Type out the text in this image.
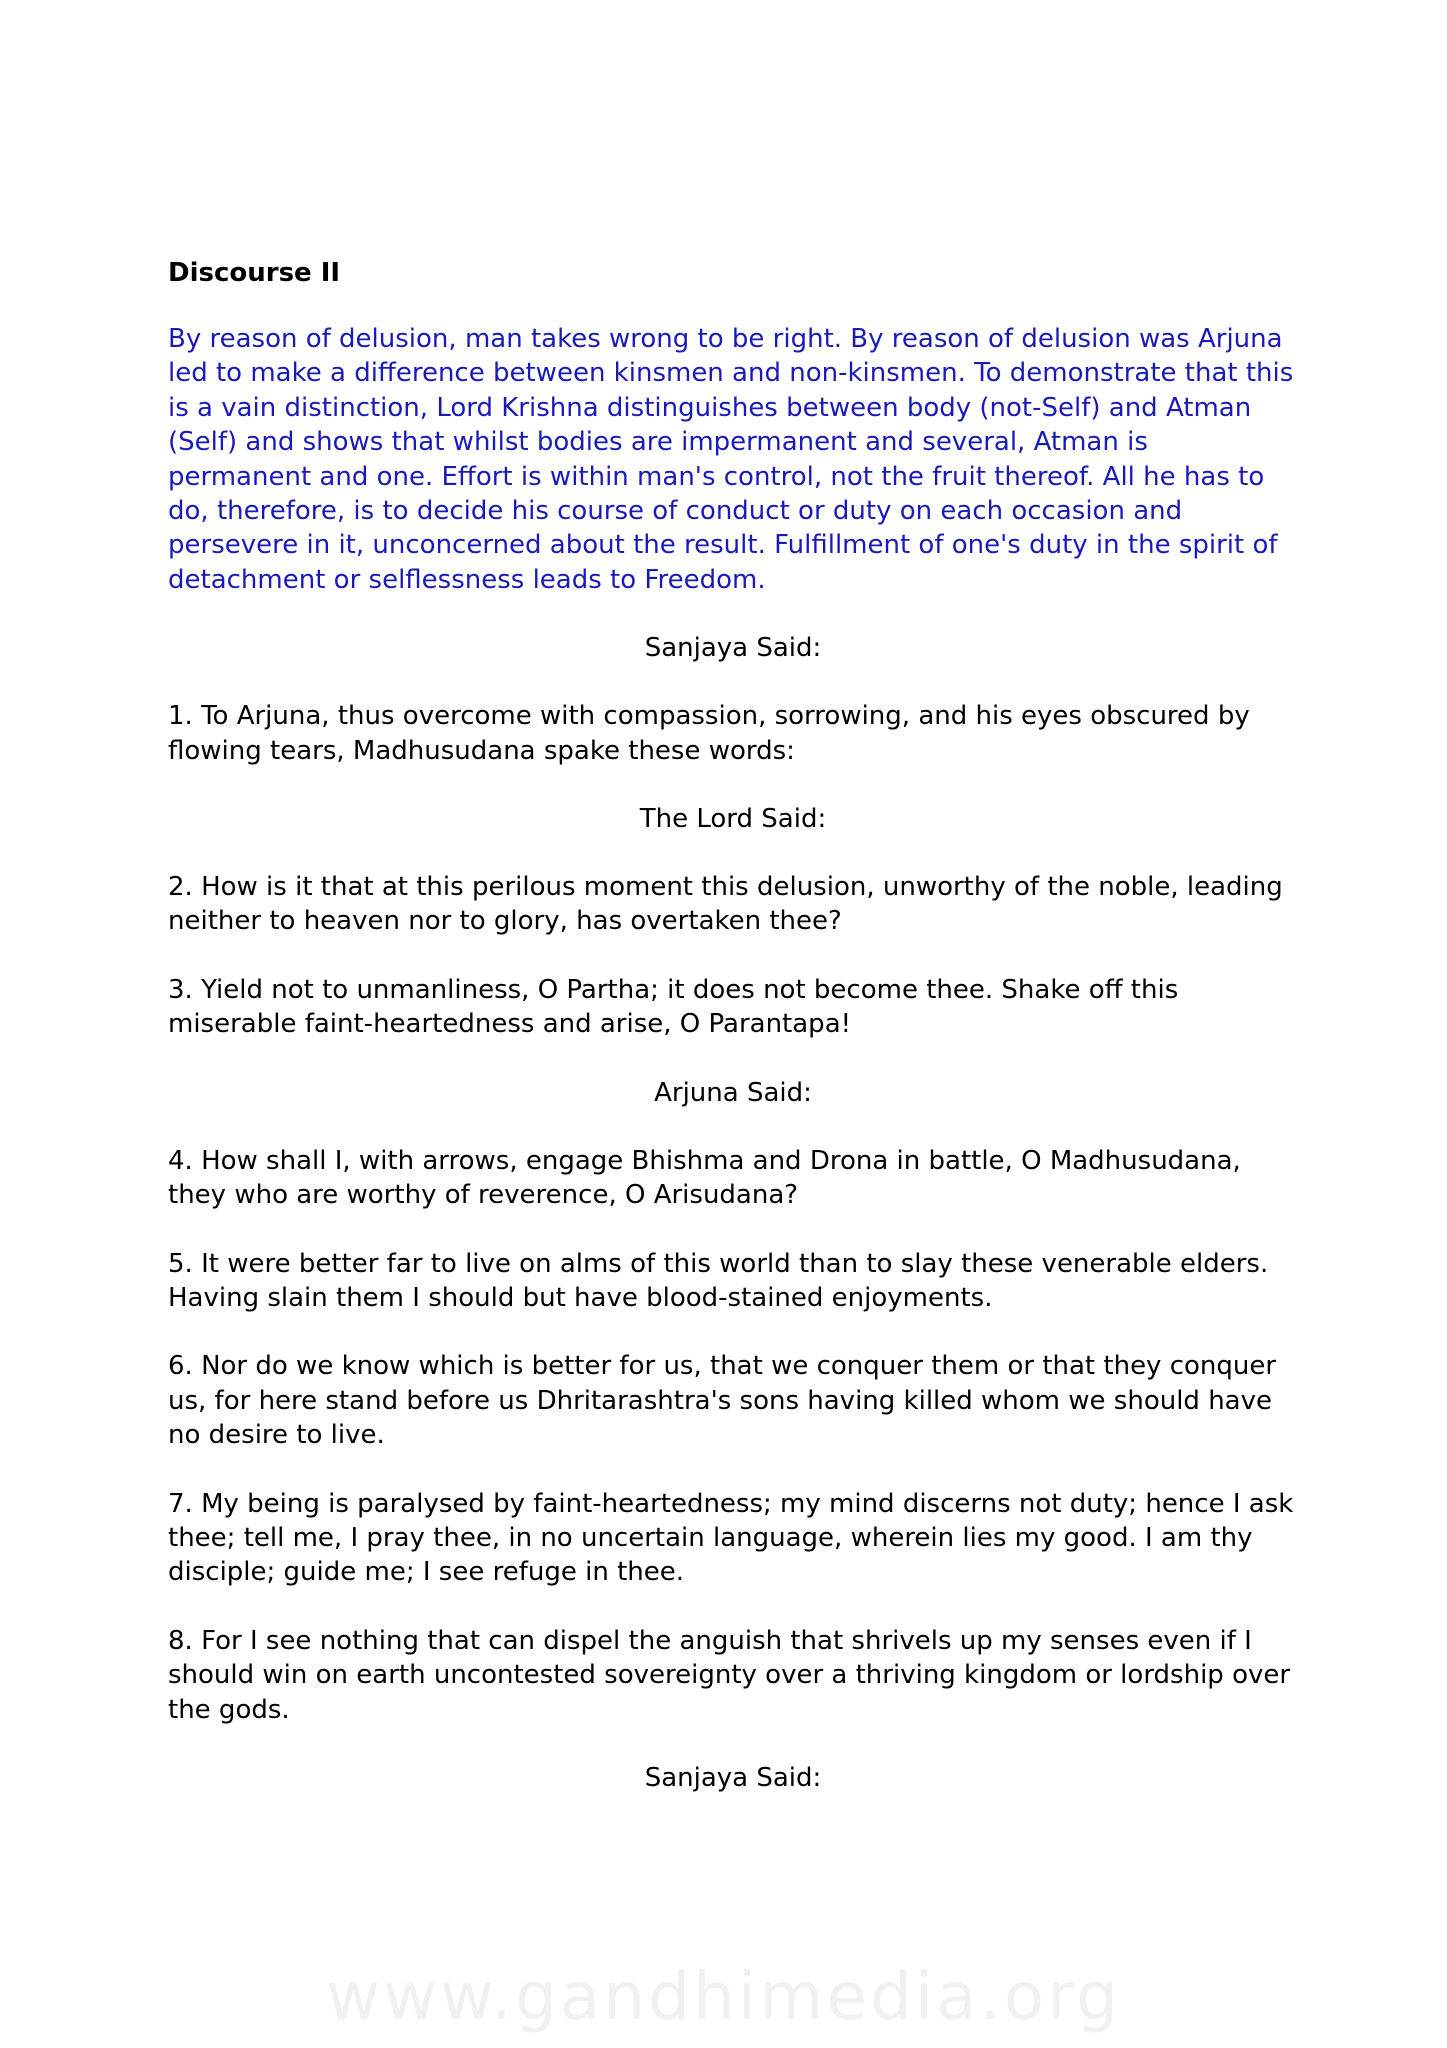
Discourse II
By reason of delusion, man takes wrong to be right. By reason of delusion was Arjuna led to make a difference between kinsmen and non-kinsmen. To demonstrate that this is a vain distinction, Lord Krishna distinguishes between body (not-Self) and Atman (Self) and shows that whilst bodies are impermanent and several, Atman is permanent and one. Effort is within man's control, not the fruit thereof. All he has to do, therefore, is to decide his course of conduct or duty on each occasion and persevere in it, unconcerned about the result. Fulfillment of one's duty in the spirit of detachment or selflessness leads to Freedom.
Sanjaya Said:
1. To Arjuna, thus overcome with compassion, sorrowing, and his eyes obscured by flowing tears, Madhusudana spake these words:
The Lord Said:
2. How is it that at this perilous moment this delusion, unworthy of the noble, leading neither to heaven nor to glory, has overtaken thee?
3. Yield not to unmanliness, O Partha; it does not become thee. Shake off this miserable faint-heartedness and arise, O Parantapa!
Arjuna Said:
4. How shall I, with arrows, engage Bhishma and Drona in battle, O Madhusudana, they who are worthy of reverence, O Arisudana?
5. It were better far to live on alms of this world than to slay these venerable elders. Having slain them I should but have blood-stained enjoyments.
6. Nor do we know which is better for us, that we conquer them or that they conquer us, for here stand before us Dhritarashtra's sons having killed whom we should have no desire to live.
7. My being is paralysed by faint-heartedness; my mind discerns not duty; hence I ask thee; tell me, I pray thee, in no uncertain language, wherein lies my good. I am thy disciple; guide me; I see refuge in thee.
8. For I see nothing that can dispel the anguish that shrivels up my senses even if I should win on earth uncontested sovereignty over a thriving kingdom or lordship over the gods.
Sanjaya Said:
www.gandhimedia.org
